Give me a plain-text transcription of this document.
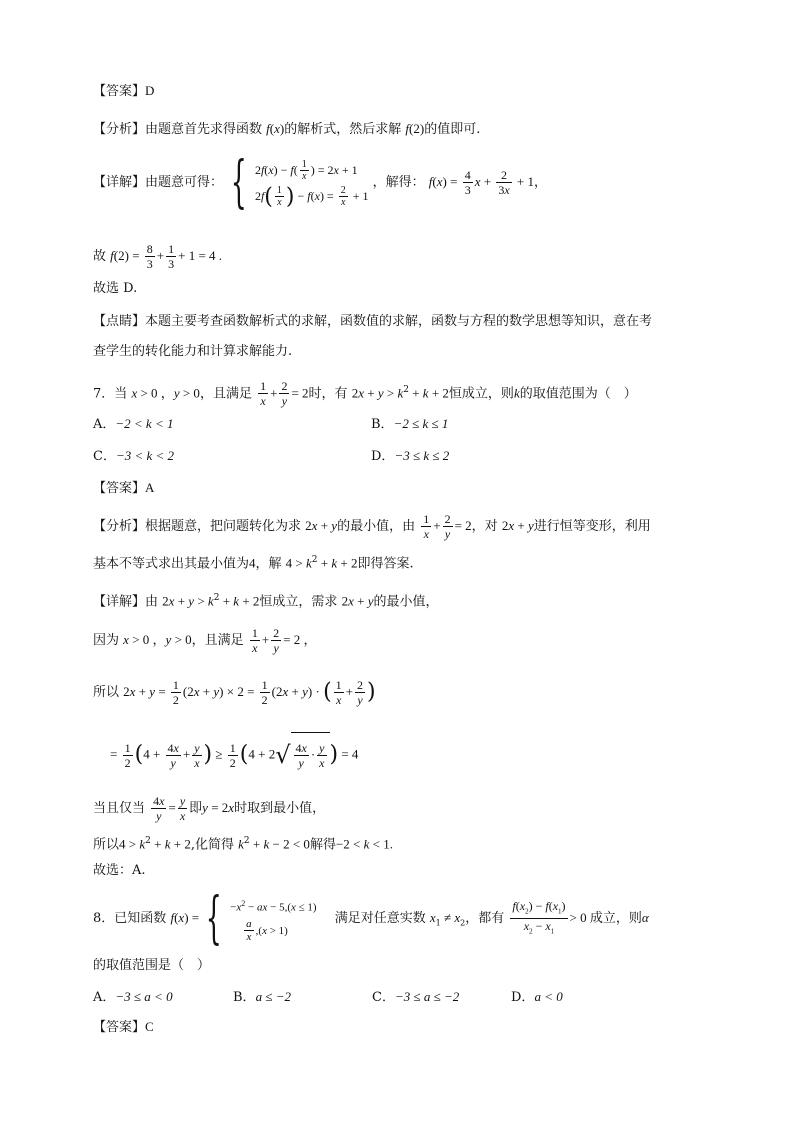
【答案】D
【分析】由题意首先求得函数 f(x)的解析式，然后求解 f(2)的值即可.
【详解】由题意可得： { $2f(x) - f( \frac{1}{x}$ ) = 2x + 1
$2f( \frac{1}{x}$ ) − $f(x) = \frac{2}{x} + 1$
，解得： $f(x) = \frac{4}{3}$ $x + \frac{2}{3x} + 1$，
故 $f(2) = \frac{8}{3} + \frac{1}{3} + 1 = 4$ .
故选 D.
【点睛】本题主要考查函数解析式的求解，函数值的求解，函数与方程的数学思想等知识，意在考
查学生的转化能力和计算求解能力.
7．当 x > 0 ，y > 0，且满足 $\frac{1}{x} + \frac{2}{y} = 2$时，有 $2x + y > k^2 + k + 2$恒成立，则k的取值范围为（　）
A．−2 < k < 1	B．−2 ≤ k ≤ 1
C．−3 < k < 2	D．−3 ≤ k ≤ 2
【答案】A
【分析】根据题意，把问题转化为求 2x + y的最小值，由 $\frac{1}{x} + \frac{2}{y} = 2$，对 2x + y进行恒等变形，利用
基本不等式求出其最小值为4，解 $4 > k^2 + k + 2$即得答案.
【详解】由 $2x + y > k^2 + k + 2$恒成立，需求 2x + y的最小值，
因为 x > 0 ，y > 0，且满足 $\frac{1}{x} + \frac{2}{y} = 2$ ，
所以 $2x + y = \frac{1}{2} (2x + y) \times 2 = \frac{1}{2} (2x + y)$ · ( $\frac{1}{x} + \frac{2}{y}$ )
= $\frac{1}{2} (4 + \frac{4x}{y} + \frac{y}{x}$ ) ≥ $\frac{1}{2} (4 + 2√ \frac{4x}{y} \cdot \frac{y}{x}$ ) = 4
当且仅当 $\frac{4x}{y} = \frac{y}{x}$ 即y = 2x时取到最小值，
所以$4 > k^2 + k + 2$,化简得 $k^2 + k - 2 < 0$解得−2 < k < 1.
故选：A.
8．已知函数 f(x) = { $-x^2$ − ax − 5,(x ≤ 1)
$\frac{a}{x} ,(x > 1)$
满足对任意实数 $x_1 \ne x_2$，都有 $\frac{f(x_2) - f(x_1)}{x_2 - x_1} > 0$ 成立，则α
的取值范围是（　）
A．−3 ≤ a < 0	B．a ≤ −2	C．−3 ≤ a ≤ −2	D．a < 0
【答案】C
